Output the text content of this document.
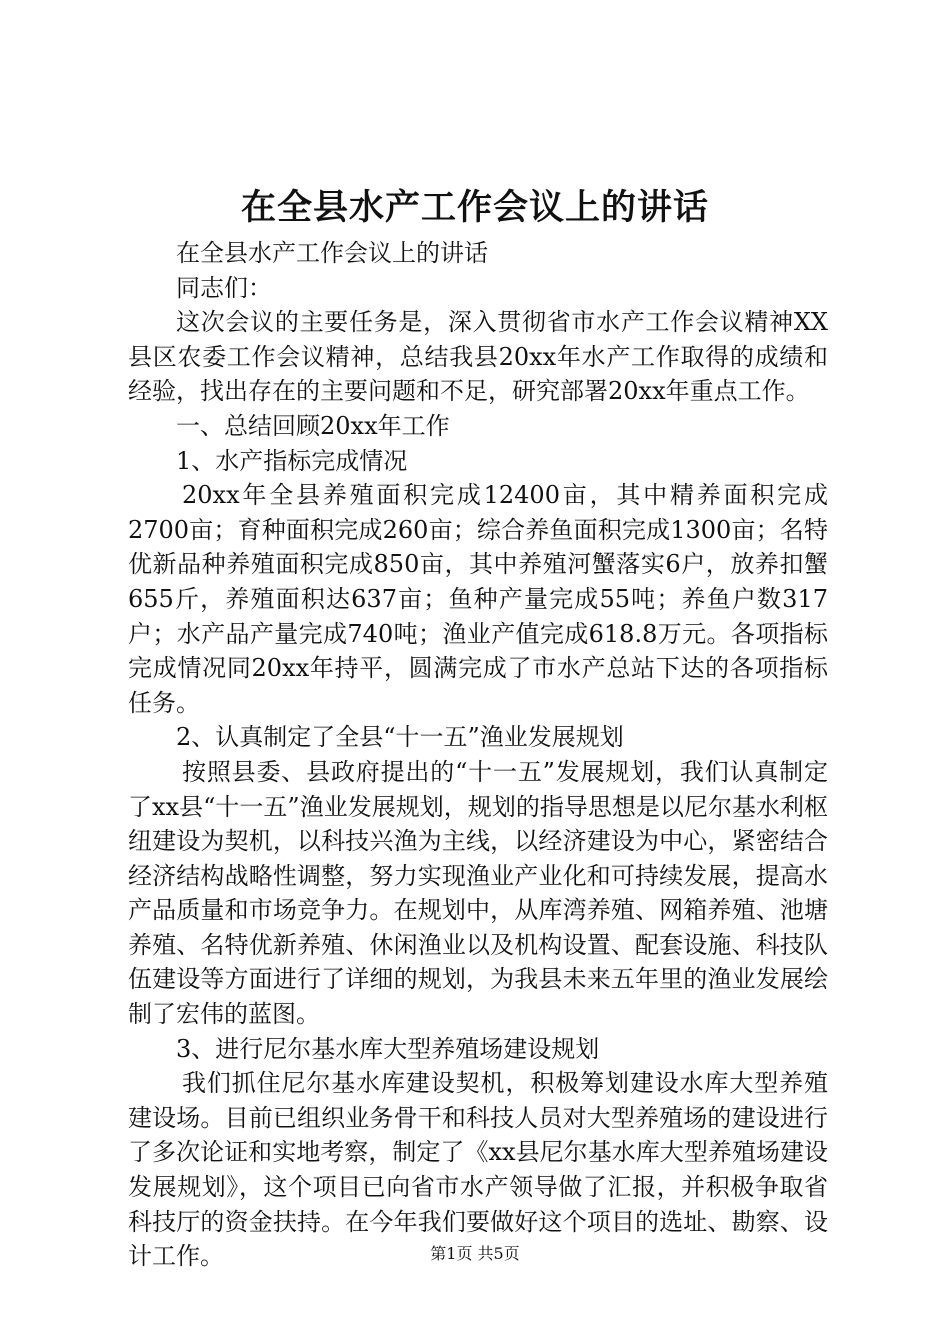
在全县水产工作会议上的讲话

在全县水产工作会议上的讲话

同志们：

这次会议的主要任务是，深入贯彻省市水产工作会议精神XX县区农委工作会议精神，总结我县20xx年水产工作取得的成绩和经验，找出存在的主要问题和不足，研究部署20xx年重点工作。

一、总结回顾20xx年工作

1、水产指标完成情况

20xx年全县养殖面积完成12400亩，其中精养面积完成2700亩；育种面积完成260亩；综合养鱼面积完成1300亩；名特优新品种养殖面积完成850亩，其中养殖河蟹落实6户，放养扣蟹655斤，养殖面积达637亩；鱼种产量完成55吨；养鱼户数317户；水产品产量完成740吨；渔业产值完成618.8万元。各项指标完成情况同20xx年持平，圆满完成了市水产总站下达的各项指标任务。

2、认真制定了全县“十一五”渔业发展规划

按照县委、县政府提出的“十一五”发展规划，我们认真制定了xx县“十一五”渔业发展规划，规划的指导思想是以尼尔基水利枢纽建设为契机，以科技兴渔为主线，以经济建设为中心，紧密结合经济结构战略性调整，努力实现渔业产业化和可持续发展，提高水产品质量和市场竞争力。在规划中，从库湾养殖、网箱养殖、池塘养殖、名特优新养殖、休闲渔业以及机构设置、配套设施、科技队伍建设等方面进行了详细的规划，为我县未来五年里的渔业发展绘制了宏伟的蓝图。

3、进行尼尔基水库大型养殖场建设规划

我们抓住尼尔基水库建设契机，积极筹划建设水库大型养殖建设场。目前已组织业务骨干和科技人员对大型养殖场的建设进行了多次论证和实地考察，制定了《xx县尼尔基水库大型养殖场建设发展规划》，这个项目已向省市水产领导做了汇报，并积极争取省科技厅的资金扶持。在今年我们要做好这个项目的选址、勘察、设计工作。	第1页 共5页
